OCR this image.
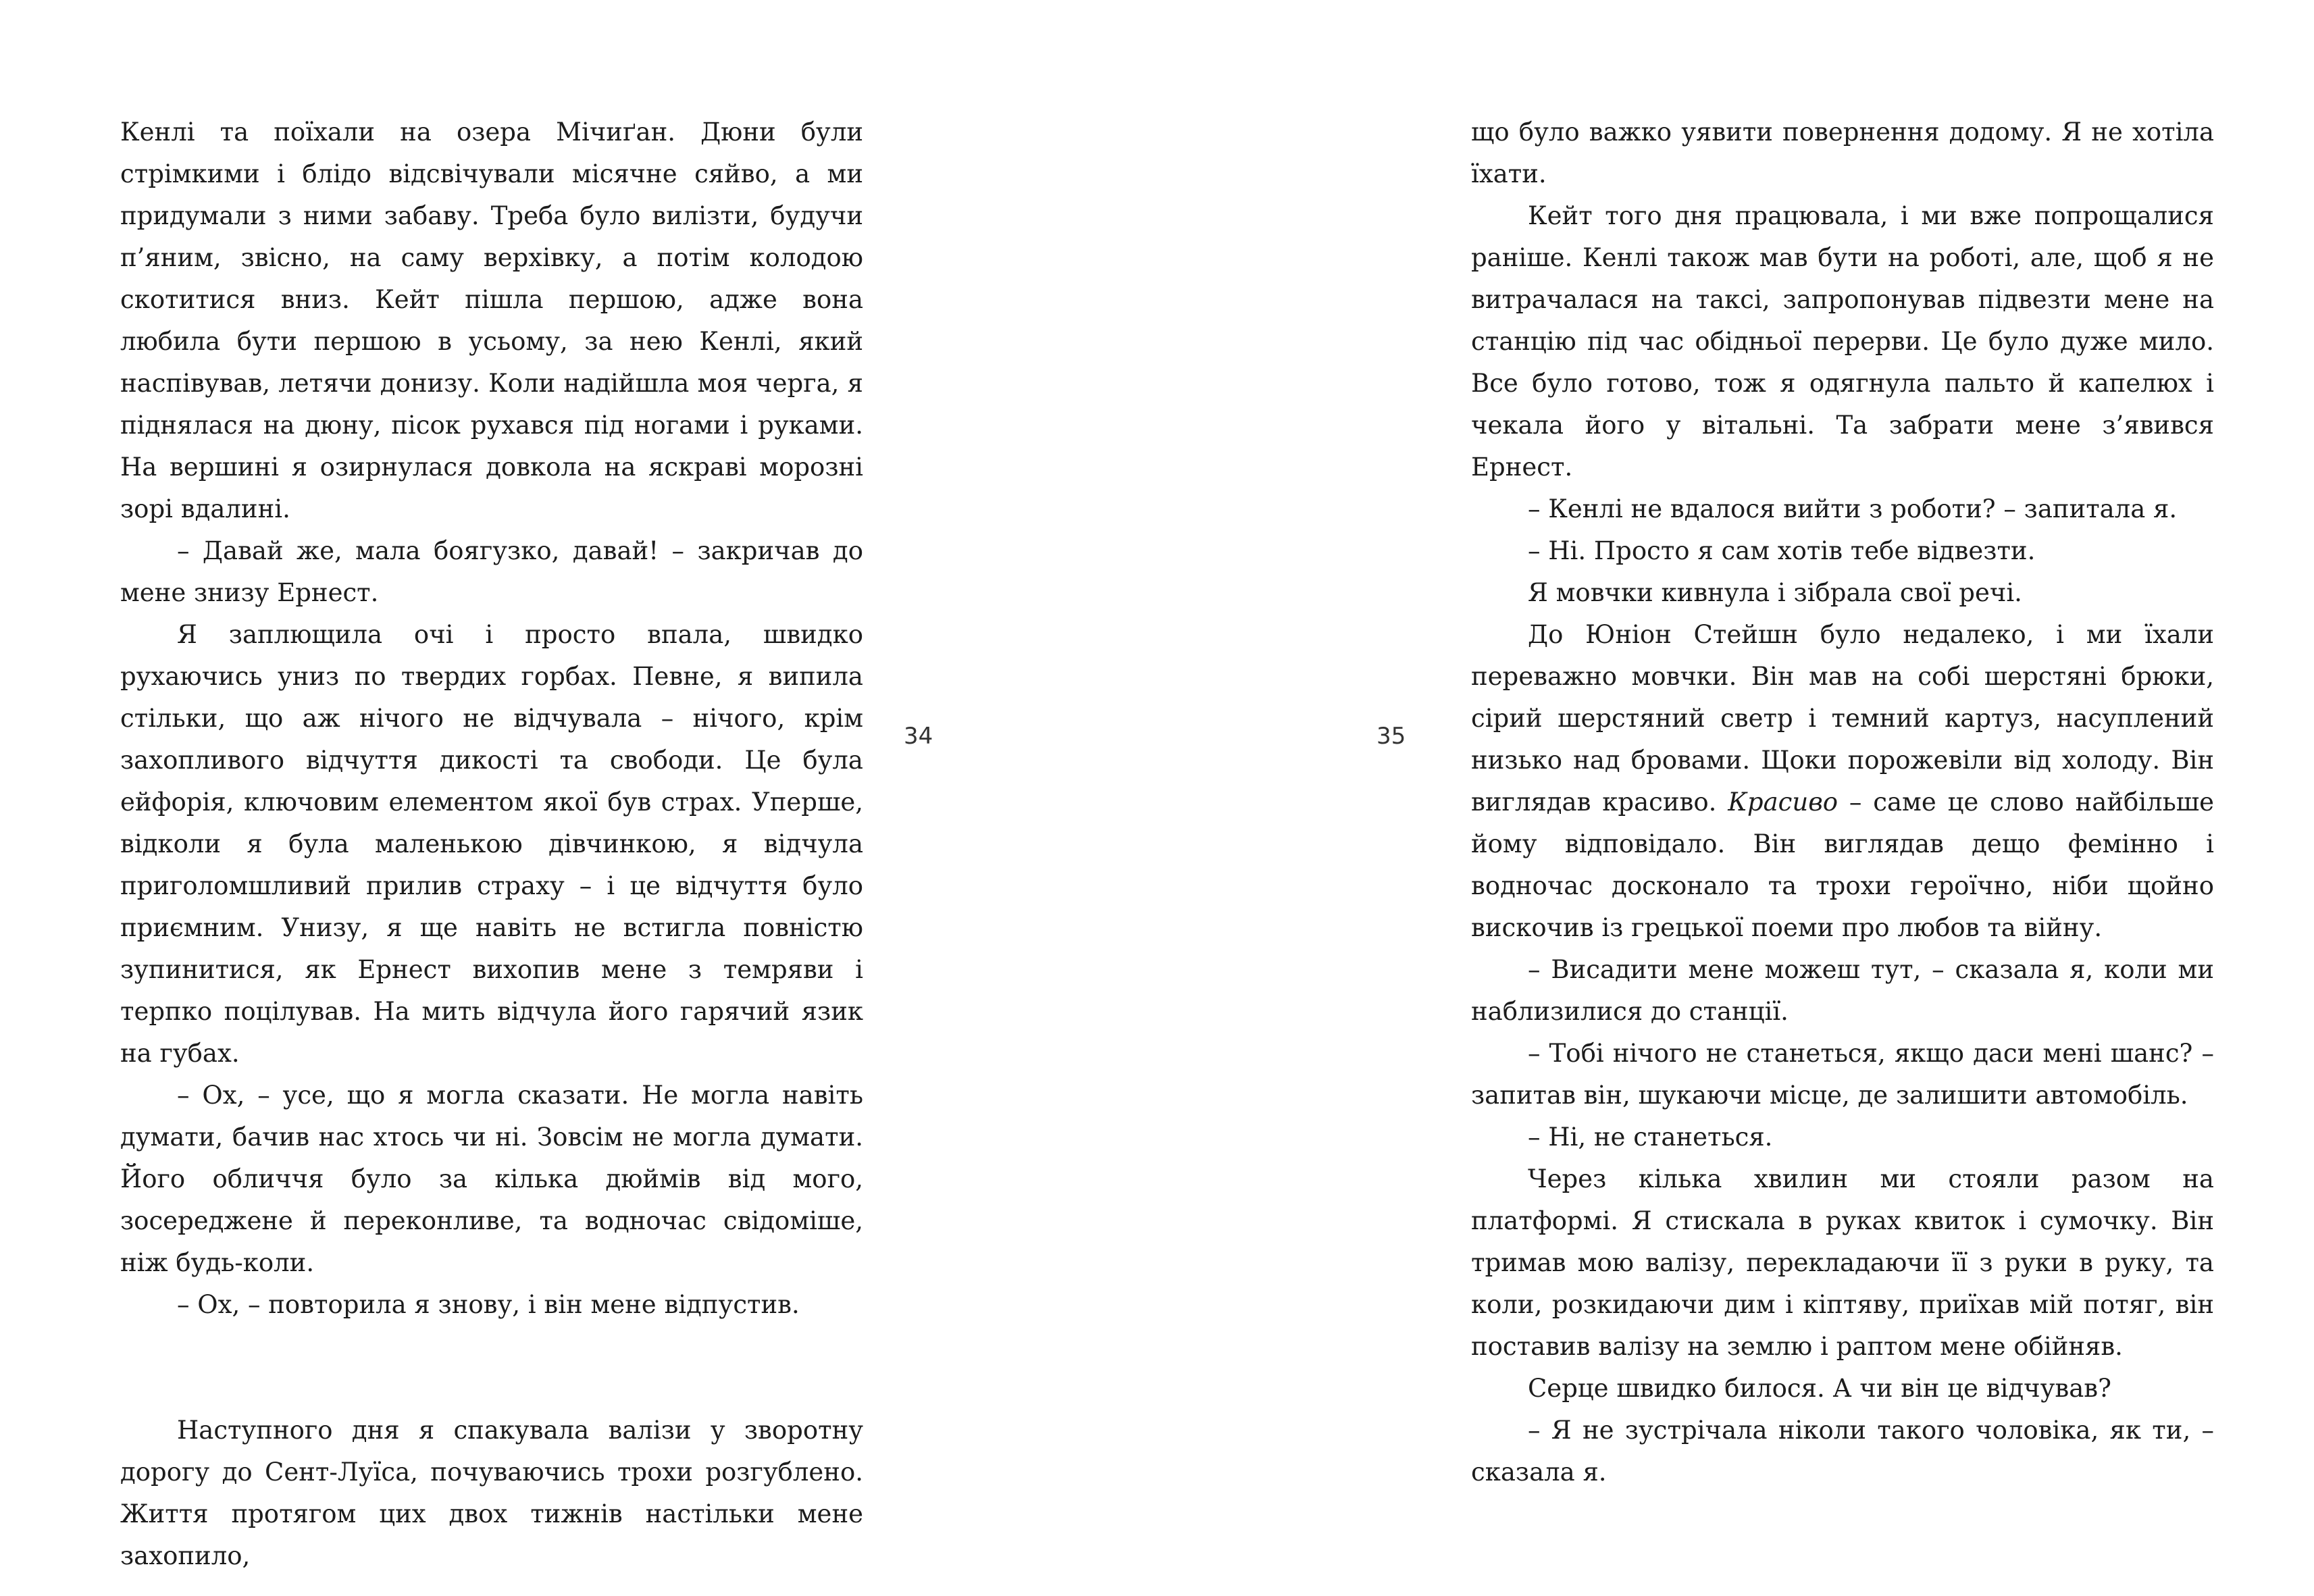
Кенлі та поїхали на озера Мічиґан. Дюни були стрімкими і блідо відсвічували місячне сяйво, а ми придумали з ними забаву. Треба було вилізти, будучи п’яним, звісно, на саму верхівку, а потім колодою скотитися вниз. Кейт пішла першою, адже вона любила бути першою в усьому, за нею Кенлі, який наспівував, летячи донизу. Коли надійшла моя черга, я піднялася на дюну, пісок рухався під ногами і руками. На вершині я озирнулася довкола на яскраві морозні зорі вдалині.

– Давай же, мала боягузко, давай! – закричав до мене знизу Ернест.

Я заплющила очі і просто впала, швидко рухаючись униз по твердих горбах. Певне, я випила стільки, що аж нічого не відчувала – нічого, крім захопливого відчуття дикості та свободи. Це була ейфорія, ключовим елементом якої був страх. Уперше, відколи я була маленькою дівчинкою, я відчула приголомшливий прилив страху – і це відчуття було приємним. Унизу, я ще навіть не встигла повністю зупинитися, як Ернест вихопив мене з темряви і терпко поцілував. На мить відчула його гарячий язик на губах.

– Ох, – усе, що я могла сказати. Не могла навіть думати, бачив нас хтось чи ні. Зовсім не могла думати. Його обличчя було за кілька дюймів від мого, зосереджене й переконливе, та водночас свідоміше, ніж будь-коли.

– Ох, – повторила я знову, і він мене відпустив.

Наступного дня я спакувала валізи у зворотну дорогу до Сент-Луїса, почуваючись трохи розгублено. Життя протягом цих двох тижнів настільки мене захопило,

34

що було важко уявити повернення додому. Я не хотіла їхати.

Кейт того дня працювала, і ми вже попрощалися раніше. Кенлі також мав бути на роботі, але, щоб я не витрачалася на таксі, запропонував підвезти мене на станцію під час обідньої перерви. Це було дуже мило. Все було готово, тож я одягнула пальто й капелюх і чекала його у вітальні. Та забрати мене з’явився Ернест.

– Кенлі не вдалося вийти з роботи? – запитала я.

– Ні. Просто я сам хотів тебе відвезти.

Я мовчки кивнула і зібрала свої речі.

До Юніон Стейшн було недалеко, і ми їхали переважно мовчки. Він мав на собі шерстяні брюки, сірий шерстяний светр і темний картуз, насуплений низько над бровами. Щоки порожевіли від холоду. Він виглядав красиво. Красиво – саме це слово найбільше йому відповідало. Він виглядав дещо фемінно і водночас досконало та трохи героїчно, ніби щойно вискочив із грецької поеми про любов та війну.

– Висадити мене можеш тут, – сказала я, коли ми наблизилися до станції.

– Тобі нічого не станеться, якщо даси мені шанс? – запитав він, шукаючи місце, де залишити автомобіль.

– Ні, не станеться.

Через кілька хвилин ми стояли разом на платформі. Я стискала в руках квиток і сумочку. Він тримав мою валізу, перекладаючи її з руки в руку, та коли, розкидаючи дим і кіптяву, приїхав мій потяг, він поставив валізу на землю і раптом мене обійняв.

Серце швидко билося. А чи він це відчував?

– Я не зустрічала ніколи такого чоловіка, як ти, – сказала я.

35
